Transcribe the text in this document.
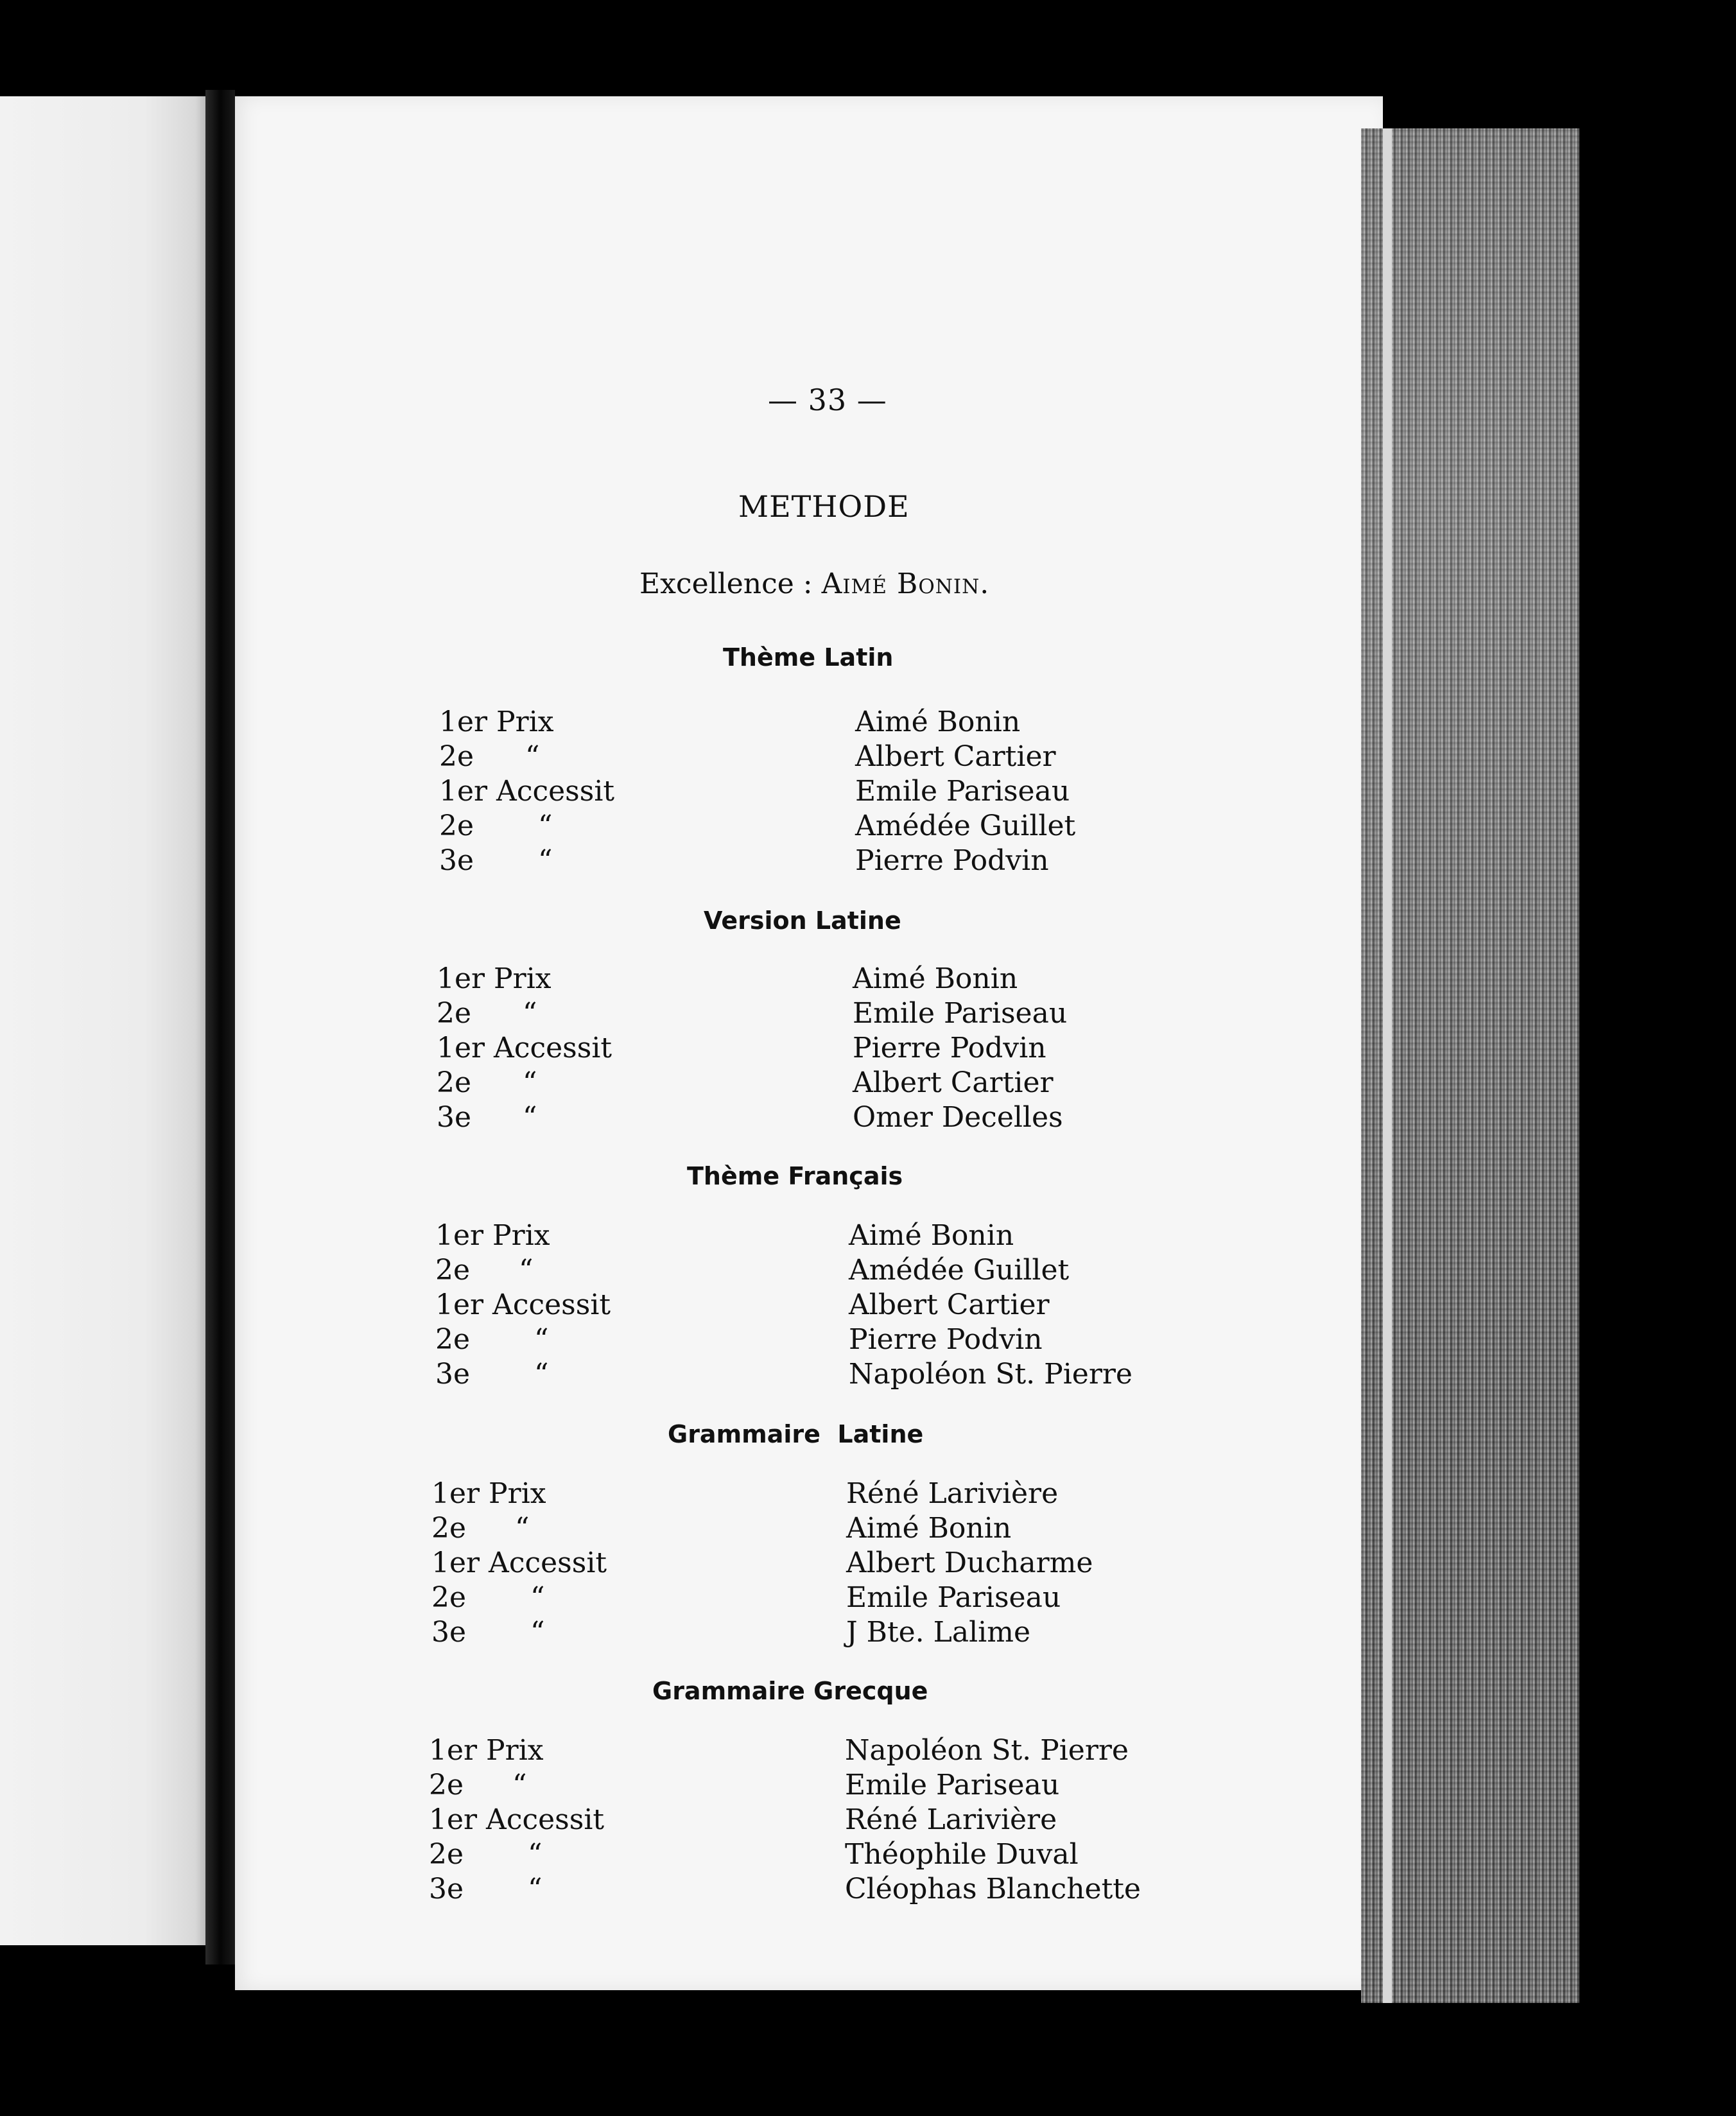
— 33 —
METHODE
Excellence : Aimé Bonin.
Thème Latin
1er Prix	Aimé Bonin
2e “	Albert Cartier
1er Accessit	Emile Pariseau
2e “	Amédée Guillet
3e “	Pierre Podvin
Version Latine
1er Prix	Aimé Bonin
2e “	Emile Pariseau
1er Accessit	Pierre Podvin
2e “	Albert Cartier
3e “	Omer Decelles
Thème Français
1er Prix	Aimé Bonin
2e “	Amédée Guillet
1er Accessit	Albert Cartier
2e “	Pierre Podvin
3e “	Napoléon St. Pierre
Grammaire  Latine
1er Prix	Réné Larivière
2e “	Aimé Bonin
1er Accessit	Albert Ducharme
2e “	Emile Pariseau
3e “	J Bte. Lalime
Grammaire Grecque
1er Prix	Napoléon St. Pierre
2e “	Emile Pariseau
1er Accessit	Réné Larivière
2e “	Théophile Duval
3e “	Cléophas Blanchette
